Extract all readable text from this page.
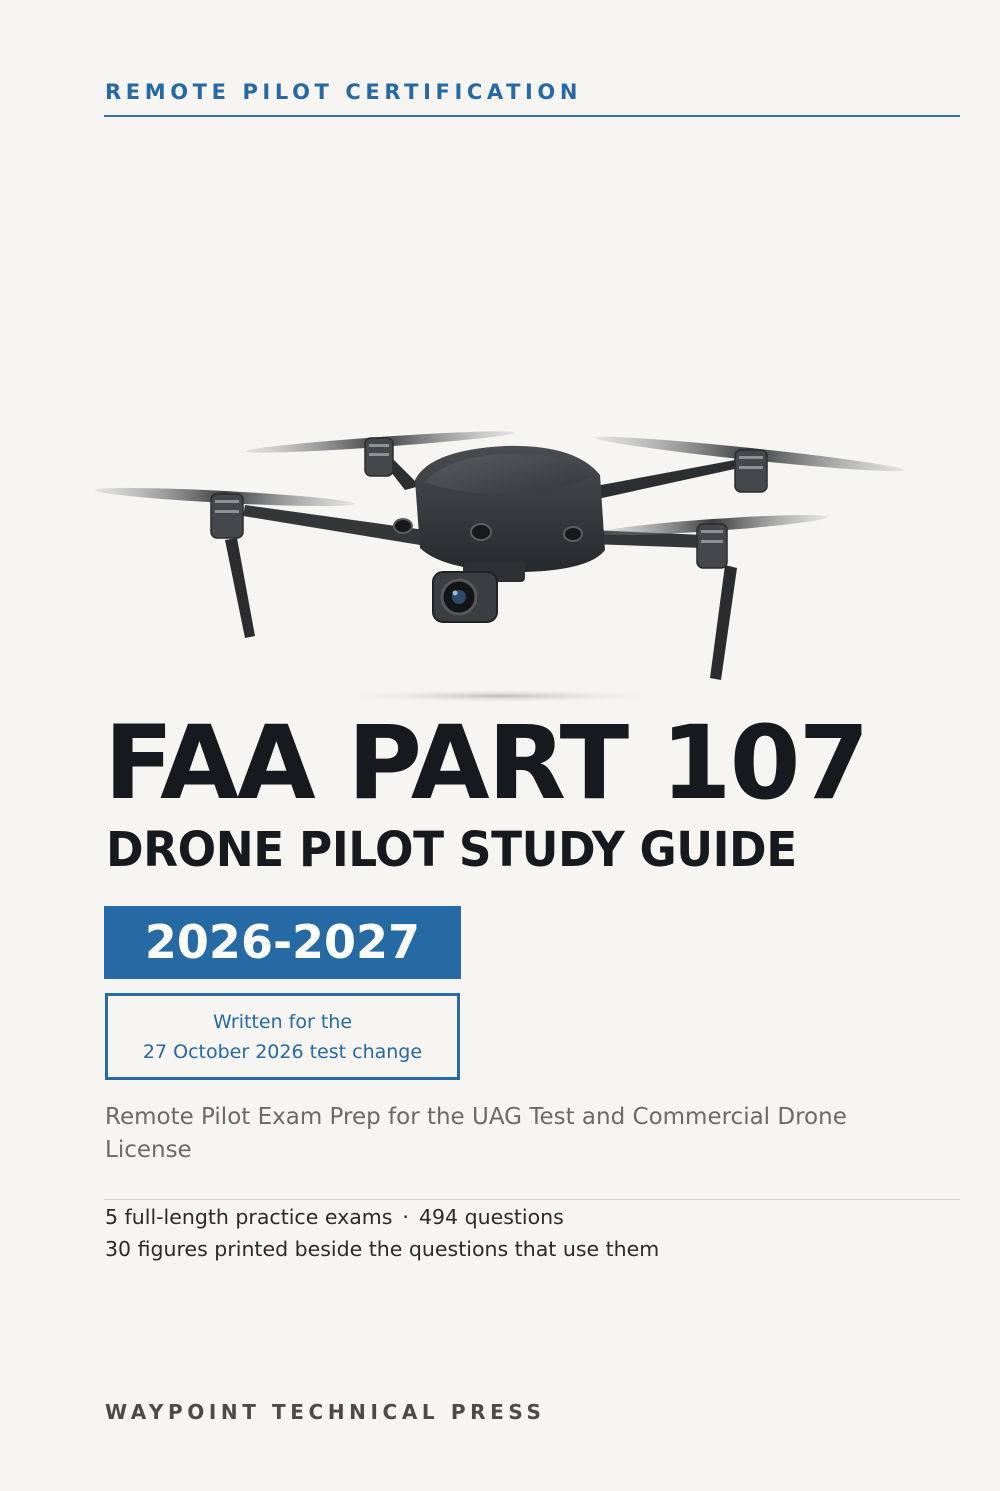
REMOTE PILOT CERTIFICATION
FAA PART 107
DRONE PILOT STUDY GUIDE
2026-2027
Written for the
27 October 2026 test change
Remote Pilot Exam Prep for the UAG Test and Commercial Drone License
5 full-length practice exams · 494 questions
30 figures printed beside the questions that use them
WAYPOINT TECHNICAL PRESS
